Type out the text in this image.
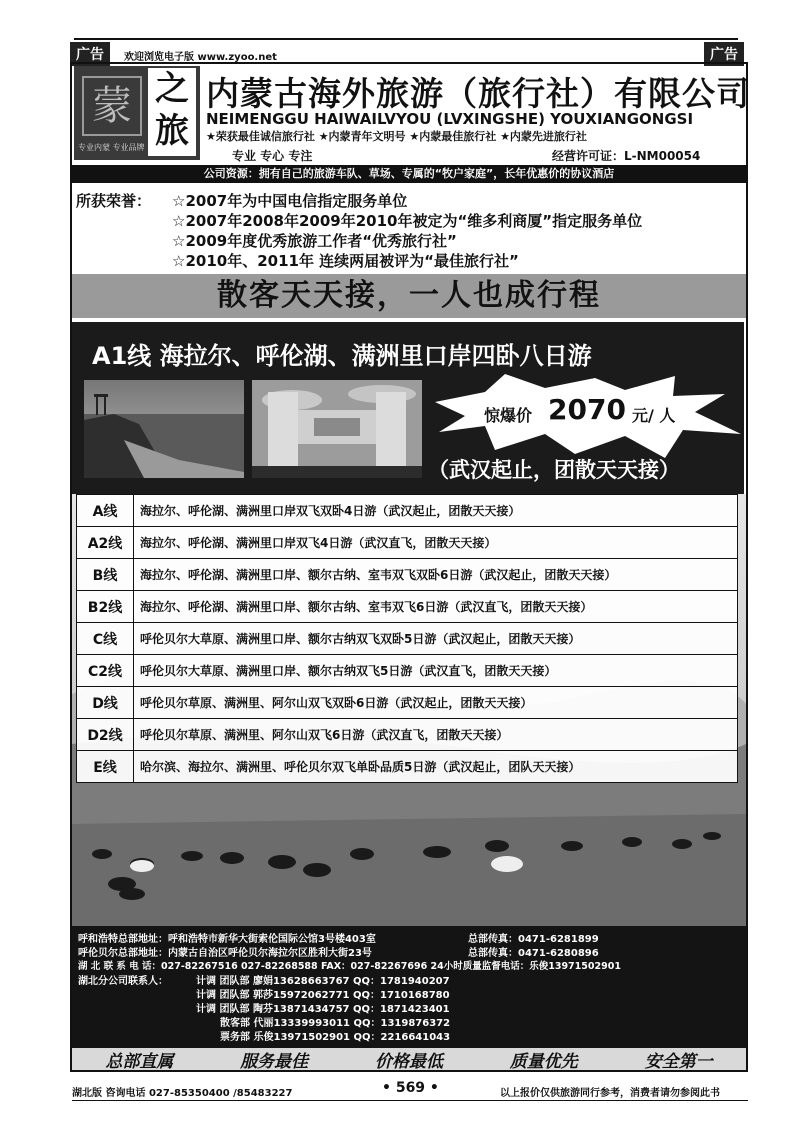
广告	欢迎浏览电子版 www.zyoo.net	广告
蒙 之
旅
专业内蒙 专业品牌
内蒙古海外旅游（旅行社）有限公司
NEIMENGGU HAIWAILVYOU (LVXINGSHE) YOUXIANGONGSI
★荣获最佳诚信旅行社 ★内蒙青年文明号 ★内蒙最佳旅行社 ★内蒙先进旅行社
专业 专心 专注	经营许可证：L-NM00054
公司资源：拥有自己的旅游车队、草场、专属的“牧户家庭”，长年优惠价的协议酒店
所获荣誉： ☆2007年为中国电信指定服务单位
☆2007年2008年2009年2010年被定为“维多利商厦”指定服务单位
☆2009年度优秀旅游工作者“优秀旅行社”
☆2010年、2011年 连续两届被评为“最佳旅行社”
散客天天接，一人也成行程
A1线 海拉尔、呼伦湖、满洲里口岸四卧八日游
惊爆价 2070 元/ 人
（武汉起止，团散天天接）
A线	海拉尔、呼伦湖、满洲里口岸双飞双卧4日游（武汉起止，团散天天接）
A2线	海拉尔、呼伦湖、满洲里口岸双飞4日游（武汉直飞，团散天天接）
B线	海拉尔、呼伦湖、满洲里口岸、额尔古纳、室韦双飞双卧6日游（武汉起止，团散天天接）
B2线	海拉尔、呼伦湖、满洲里口岸、额尔古纳、室韦双飞6日游（武汉直飞，团散天天接）
C线	呼伦贝尔大草原、满洲里口岸、额尔古纳双飞双卧5日游（武汉起止，团散天天接）
C2线	呼伦贝尔大草原、满洲里口岸、额尔古纳双飞5日游（武汉直飞，团散天天接）
D线	呼伦贝尔草原、满洲里、阿尔山双飞双卧6日游（武汉起止，团散天天接）
D2线	呼伦贝尔草原、满洲里、阿尔山双飞6日游（武汉直飞，团散天天接）
E线	哈尔滨、海拉尔、满洲里、呼伦贝尔双飞单卧品质5日游（武汉起止，团队天天接）
呼和浩特总部地址：呼和浩特市新华大街索伦国际公馆3号楼403室	总部传真：0471-6281899
呼伦贝尔总部地址：内蒙古自治区呼伦贝尔海拉尔区胜利大街23号	总部传真：0471-6280896
湖 北 联 系 电 话：027-82267516 027-82268588 FAX：027-82267696 24小时质量监督电话：乐俊13971502901
湖北分公司联系人：	计调 团队部 廖娟13628663767 QQ：1781940207
计调 团队部 郭莎15972062771 QQ：1710168780
计调 团队部 陶芬13871434757 QQ：1871423401
散客部 代丽13339993011 QQ：1319876372
票务部 乐俊13971502901 QQ：2216641043
总部直属	服务最佳	价格最低	质量优先	安全第一
湖北版 咨询电话 027-85350400 /85483227	• 569 •	以上报价仅供旅游同行参考，消费者请勿参阅此书
